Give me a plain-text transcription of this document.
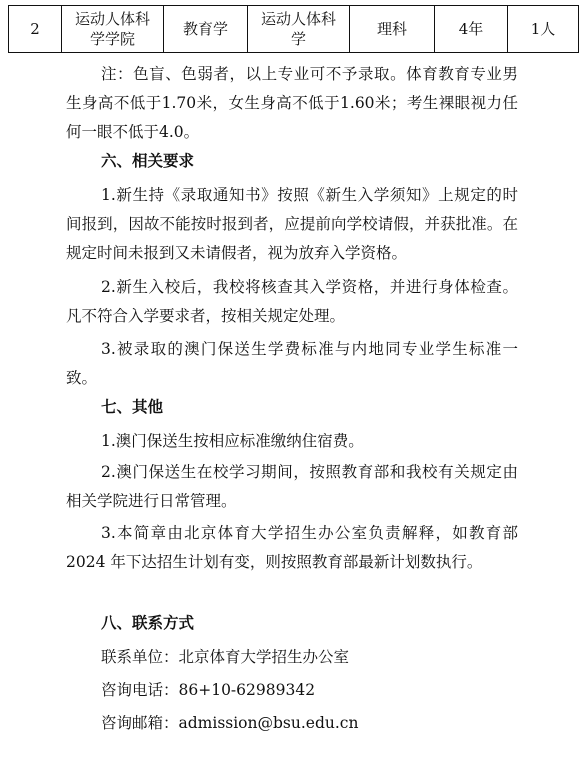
2	运动人体科学学院	教育学	运动人体科学	理科	4年	1人
注：色盲、色弱者，以上专业可不予录取。体育教育专业男生身高不低于1.70米，女生身高不低于1.60米；考生裸眼视力任何一眼不低于4.0。
六、相关要求
1.新生持《录取通知书》按照《新生入学须知》上规定的时间报到，因故不能按时报到者，应提前向学校请假，并获批准。在规定时间未报到又未请假者，视为放弃入学资格。
2.新生入校后，我校将核查其入学资格，并进行身体检查。凡不符合入学要求者，按相关规定处理。
3.被录取的澳门保送生学费标准与内地同专业学生标准一致。
七、其他
1.澳门保送生按相应标准缴纳住宿费。
2.澳门保送生在校学习期间，按照教育部和我校有关规定由相关学院进行日常管理。
3.本简章由北京体育大学招生办公室负责解释，如教育部 2024 年下达招生计划有变，则按照教育部最新计划数执行。
八、联系方式
联系单位：北京体育大学招生办公室
咨询电话：86+10-62989342
咨询邮箱：admission@bsu.edu.cn
